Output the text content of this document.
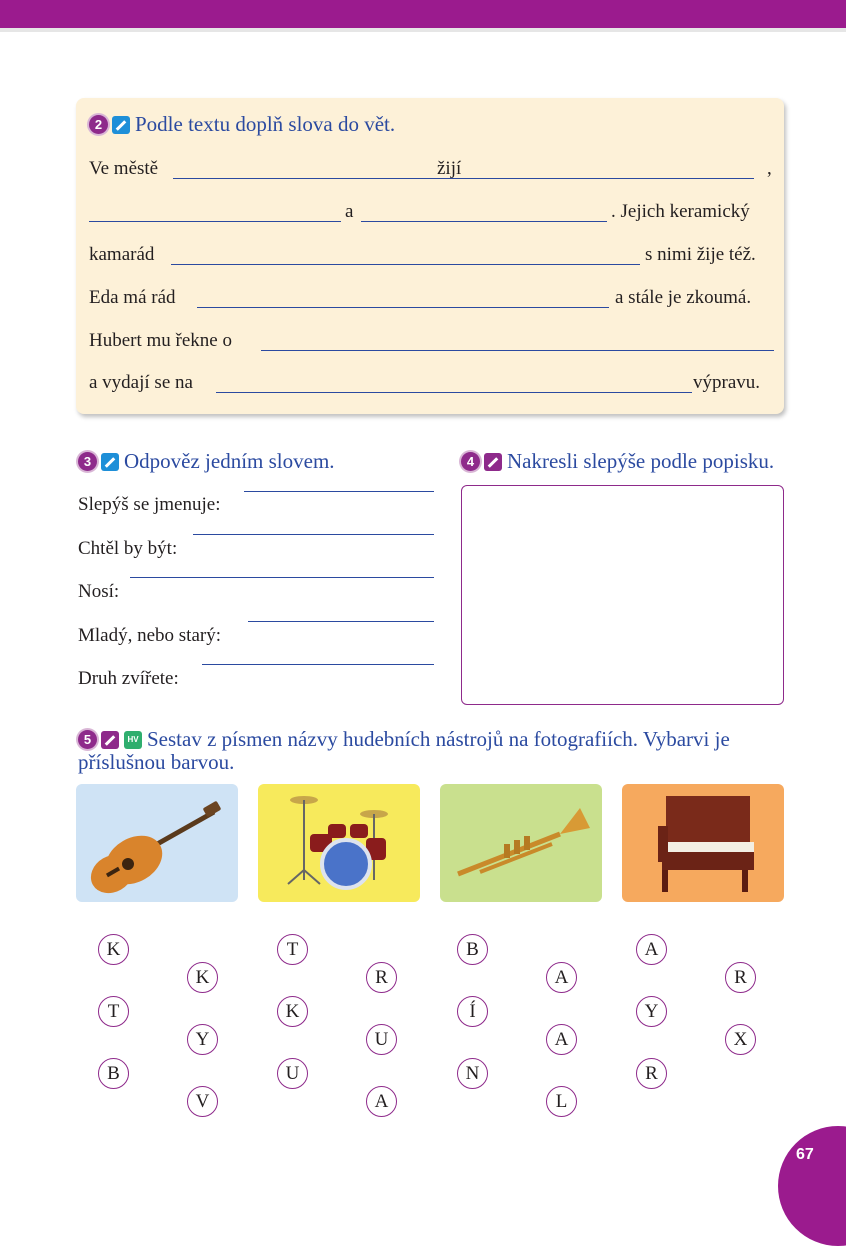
2 Podle textu doplň slova do vět.
Ve městě	žijí	,
a	. Jejich keramický
kamarád	s nimi žije též.
Eda má rád	a stále je zkoumá.
Hubert mu řekne o
a vydají se na	výpravu.
3 Odpověz jedním slovem.
Slepýš se jmenuje:
Chtěl by být:
Nosí:
Mladý, nebo starý:
Druh zvířete:
4 Nakresli slepýše podle popisku.
5	HV Sestav z písmen názvy hudebních nástrojů na fotografiích. Vybarvi je
příslušnou barvou.
K
T
B
K
Y
V
T
K
U
R
U
A
B
Í
N
A
A
L
A
Y
R
R
X
67
